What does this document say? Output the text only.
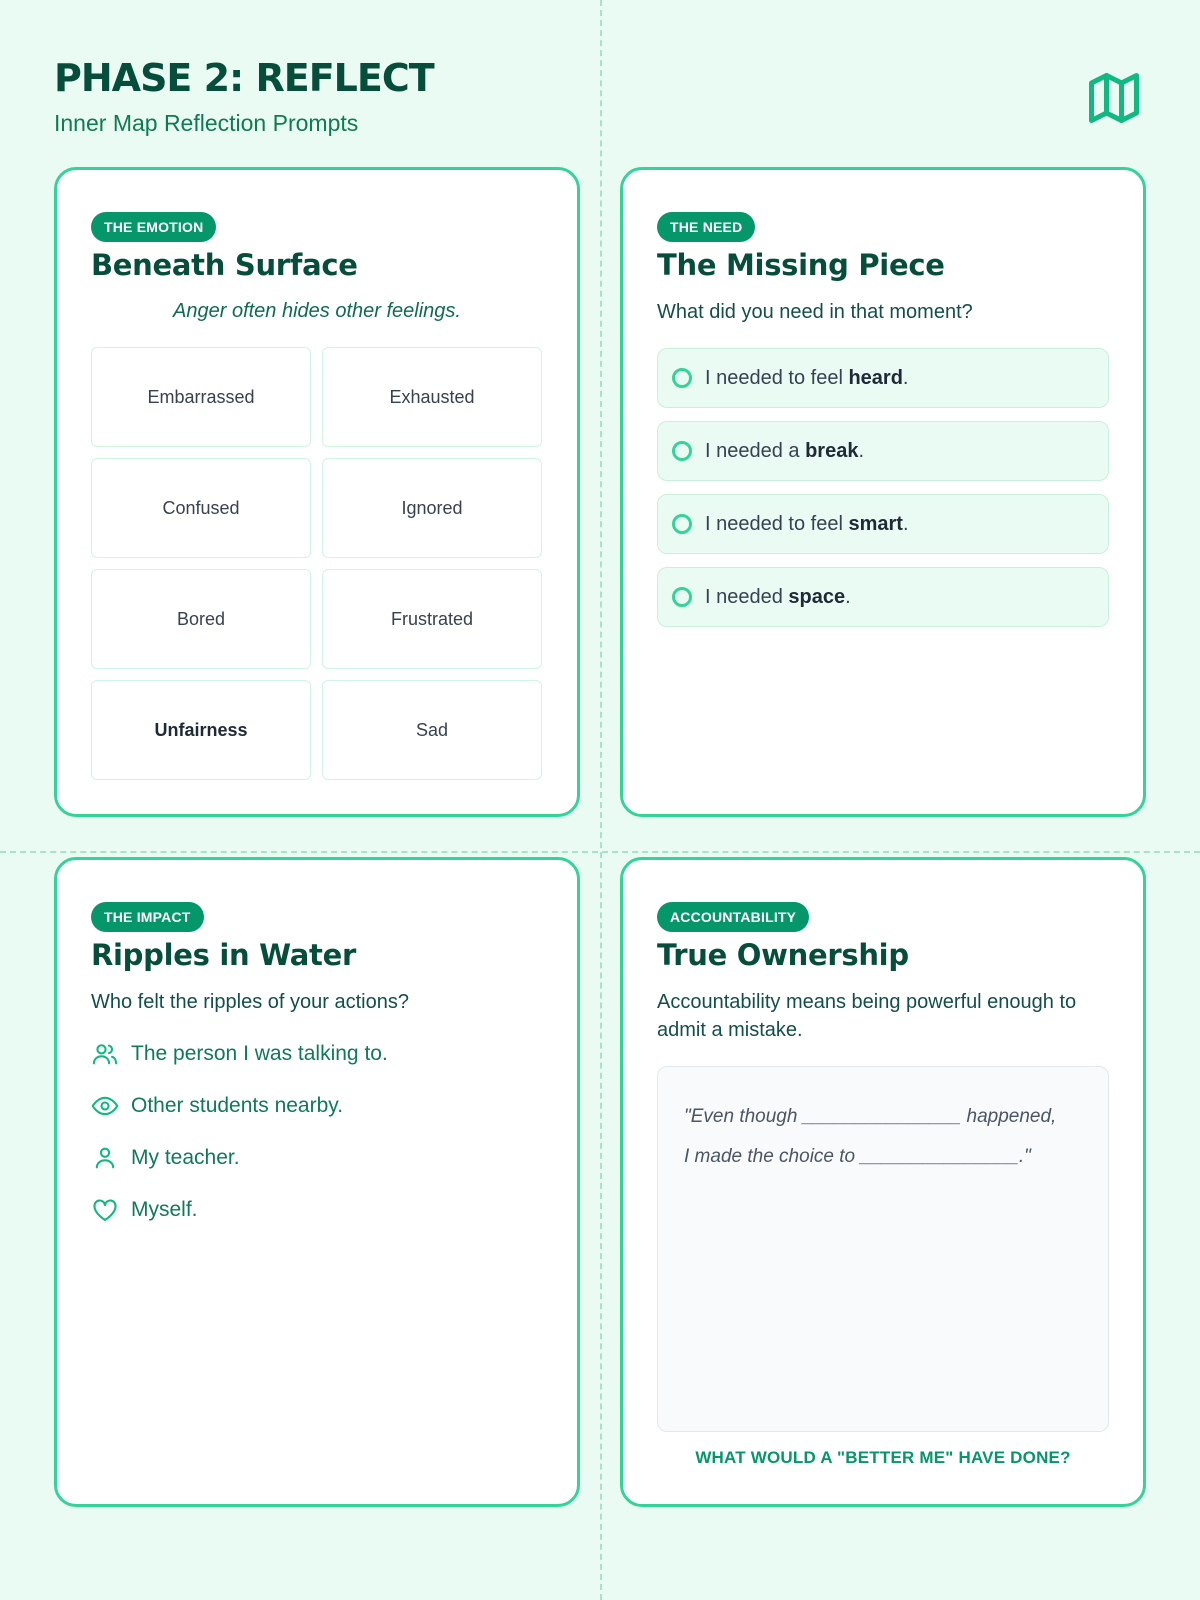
PHASE 2: REFLECT
Inner Map Reflection Prompts
THE EMOTION
Beneath Surface
Anger often hides other feelings.
Embarrassed	Exhausted
Confused	Ignored
Bored	Frustrated
Unfairness	Sad
THE NEED
The Missing Piece
What did you need in that moment?
I needed to feel heard.
I needed a break.
I needed to feel smart.
I needed space.
THE IMPACT
Ripples in Water
Who felt the ripples of your actions?
The person I was talking to.
Other students nearby.
My teacher.
Myself.
ACCOUNTABILITY
True Ownership
Accountability means being powerful enough to admit a mistake.
"Even though _______________ happened,
I made the choice to _______________."
WHAT WOULD A "BETTER ME" HAVE DONE?
